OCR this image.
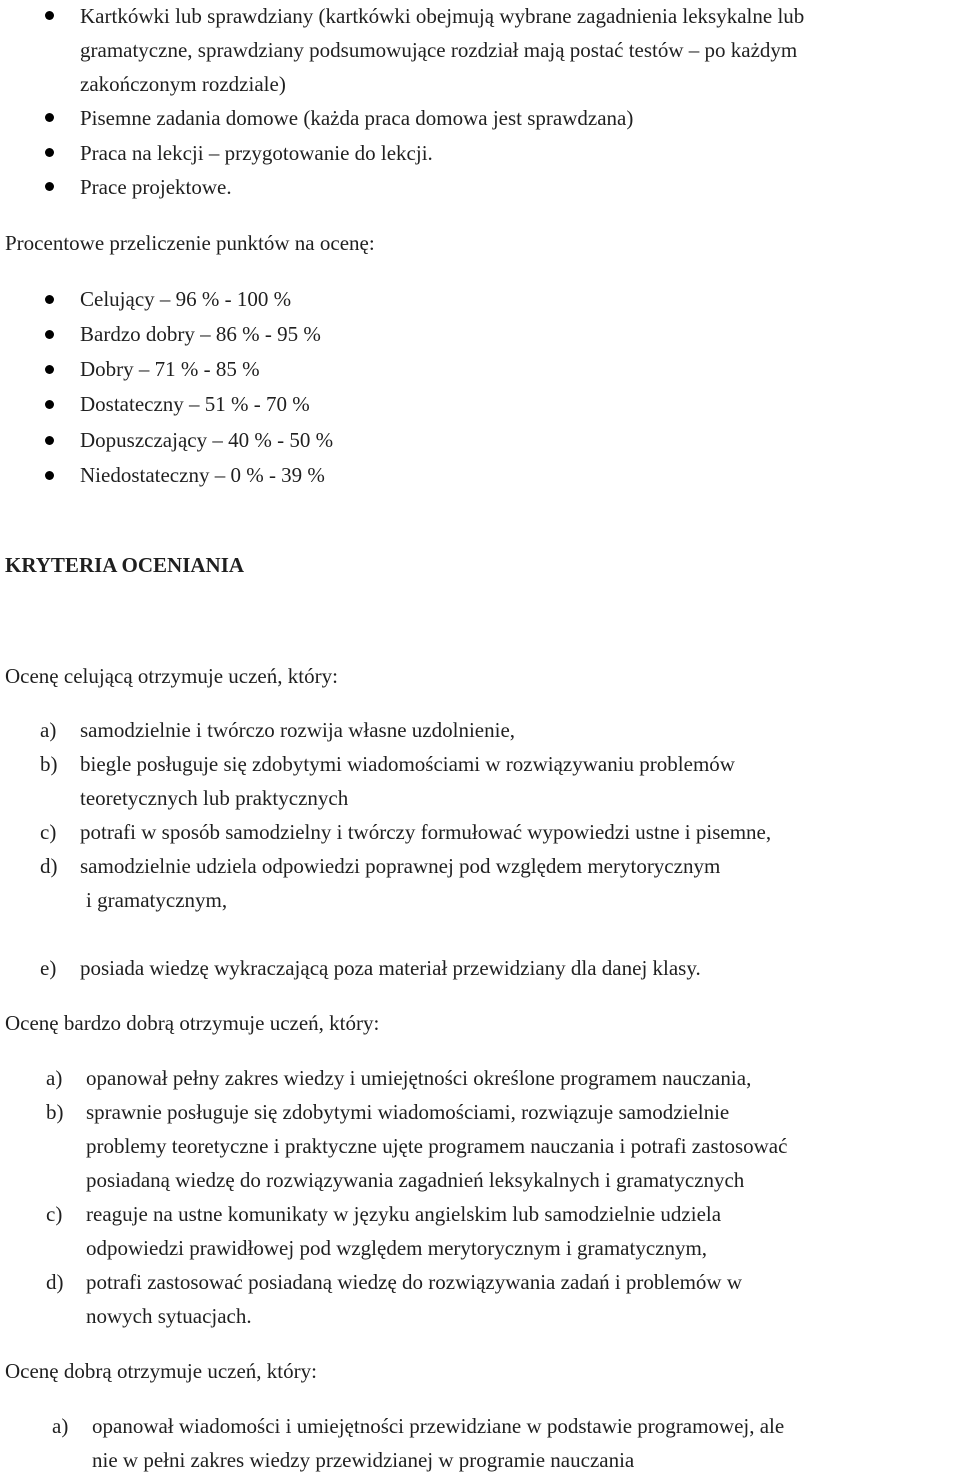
Kartkówki lub sprawdziany (kartkówki obejmują wybrane zagadnienia leksykalne lub
gramatyczne, sprawdziany podsumowujące rozdział mają postać testów – po każdym
zakończonym rozdziale)
Pisemne zadania domowe (każda praca domowa jest sprawdzana)
Praca na lekcji – przygotowanie do lekcji.
Prace projektowe.
Procentowe przeliczenie punktów na ocenę:
Celujący – 96 % - 100 %
Bardzo dobry – 86 % - 95 %
Dobry – 71 % - 85 %
Dostateczny – 51 % - 70 %
Dopuszczający – 40 % - 50 %
Niedostateczny – 0 % - 39 %
KRYTERIA OCENIANIA
Ocenę celującą otrzymuje uczeń, który:
a) samodzielnie i twórczo rozwija własne uzdolnienie,
b) biegle posługuje się zdobytymi wiadomościami w rozwiązywaniu problemów
teoretycznych lub praktycznych
c) potrafi w sposób samodzielny i twórczy formułować wypowiedzi ustne i pisemne,
d) samodzielnie udziela odpowiedzi poprawnej pod względem merytorycznym
i gramatycznym,
e) posiada wiedzę wykraczającą poza materiał przewidziany dla danej klasy.
Ocenę bardzo dobrą otrzymuje uczeń, który:
a) opanował pełny zakres wiedzy i umiejętności określone programem nauczania,
b) sprawnie posługuje się zdobytymi wiadomościami, rozwiązuje samodzielnie
problemy teoretyczne i praktyczne ujęte programem nauczania i potrafi zastosować
posiadaną wiedzę do rozwiązywania zagadnień leksykalnych i gramatycznych
c) reaguje na ustne komunikaty w języku angielskim lub samodzielnie udziela
odpowiedzi prawidłowej pod względem merytorycznym i gramatycznym,
d) potrafi zastosować posiadaną wiedzę do rozwiązywania zadań i problemów w
nowych sytuacjach.
Ocenę dobrą otrzymuje uczeń, który:
a) opanował wiadomości i umiejętności przewidziane w podstawie programowej, ale
nie w pełni zakres wiedzy przewidzianej w programie nauczania
